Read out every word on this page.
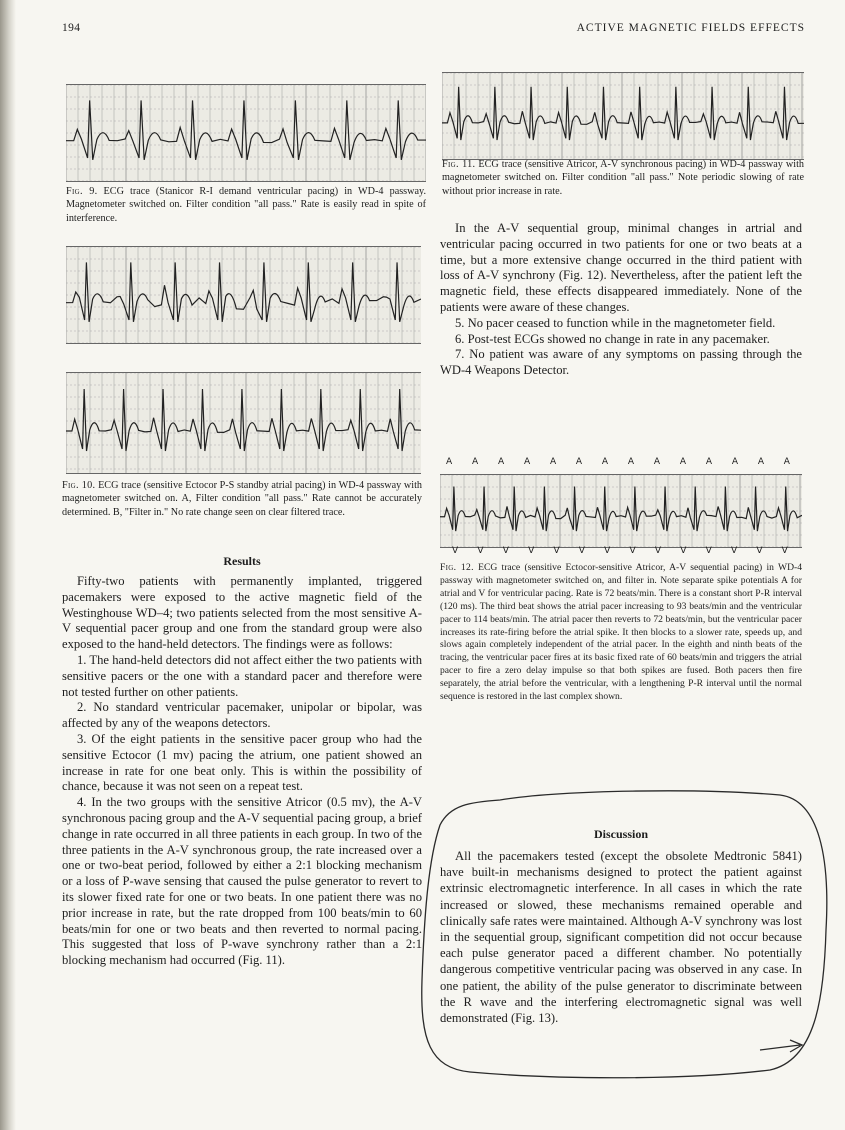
194	ACTIVE MAGNETIC FIELDS EFFECTS
Fig. 9. ECG trace (Stanicor R-I demand ventricular pacing) in WD-4 passway. Magnetometer switched on. Filter condition "all pass." Rate is easily read in spite of interference.
Fig. 10. ECG trace (sensitive Ectocor P-S standby atrial pacing) in WD-4 passway with magnetometer switched on. A, Filter condition "all pass." Rate cannot be accurately determined. B, "Filter in." No rate change seen on clear filtered trace.
Results

Fifty-two patients with permanently implanted, triggered pacemakers were exposed to the active magnetic field of the Westinghouse WD–4; two patients selected from the most sensitive A-V sequential pacer group and one from the standard group were also exposed to the hand-held detectors. The findings were as follows:

1. The hand-held detectors did not affect either the two patients with sensitive pacers or the one with a standard pacer and therefore were not tested further on other patients.

2. No standard ventricular pacemaker, unipolar or bipolar, was affected by any of the weapons detectors.

3. Of the eight patients in the sensitive pacer group who had the sensitive Ectocor (1 mv) pacing the atrium, one patient showed an increase in rate for one beat only. This is within the possibility of chance, because it was not seen on a repeat test.

4. In the two groups with the sensitive Atricor (0.5 mv), the A-V synchronous pacing group and the A-V sequential pacing group, a brief change in rate occurred in all three patients in each group. In two of the three patients in the A-V synchronous group, the rate increased over a one or two-beat period, followed by either a 2:1 blocking mechanism or a loss of P-wave sensing that caused the pulse generator to revert to its slower fixed rate for one or two beats. In one patient there was no prior increase in rate, but the rate dropped from 100 beats/min to 60 beats/min for one or two beats and then reverted to normal pacing. This suggested that loss of P-wave synchrony rather than a 2:1 blocking mechanism had occurred (Fig. 11).

Fig. 11. ECG trace (sensitive Atricor, A-V synchronous pacing) in WD-4 passway with magnetometer switched on. Filter condition "all pass." Note periodic slowing of rate without prior increase in rate.

In the A-V sequential group, minimal changes in artrial and ventricular pacing occurred in two patients for one or two beats at a time, but a more extensive change occurred in the third patient with loss of A-V synchrony (Fig. 12). Nevertheless, after the patient left the magnetic field, these effects disappeared immediately. None of the patients were aware of these changes.

5. No pacer ceased to function while in the magnetometer field.

6. Post-test ECGs showed no change in rate in any pacemaker.

7. No patient was aware of any symptoms on passing through the WD-4 Weapons Detector.

A A A A A A A A A A A A A A
V V V V V V V V V V V V V V
Fig. 12. ECG trace (sensitive Ectocor-sensitive Atricor, A-V sequential pacing) in WD-4 passway with magnetometer switched on, and filter in. Note separate spike potentials A for atrial and V for ventricular pacing. Rate is 72 beats/min. There is a constant short P-R interval (120 ms). The third beat shows the atrial pacer increasing to 93 beats/min and the ventricular pacer to 114 beats/min. The atrial pacer then reverts to 72 beats/min, but the ventricular pacer increases its rate-firing before the atrial spike. It then blocks to a slower rate, speeds up, and slows again completely independent of the atrial pacer. In the eighth and ninth beats of the tracing, the ventricular pacer fires at its basic fixed rate of 60 beats/min and triggers the atrial pacer to fire a zero delay impulse so that both spikes are fused. Both pacers then fire separately, the atrial before the ventricular, with a lengthening P-R interval until the normal sequence is restored in the last complex shown.
Discussion

All the pacemakers tested (except the obsolete Medtronic 5841) have built-in mechanisms designed to protect the patient against extrinsic electromagnetic interference. In all cases in which the rate increased or slowed, these mechanisms remained operable and clinically safe rates were maintained. Although A-V synchrony was lost in the sequential group, significant competition did not occur because each pulse generator paced a different chamber. No potentially dangerous competitive ventricular pacing was observed in any case. In one patient, the ability of the pulse generator to discriminate between the R wave and the interfering electromagnetic signal was well demonstrated (Fig. 13).
